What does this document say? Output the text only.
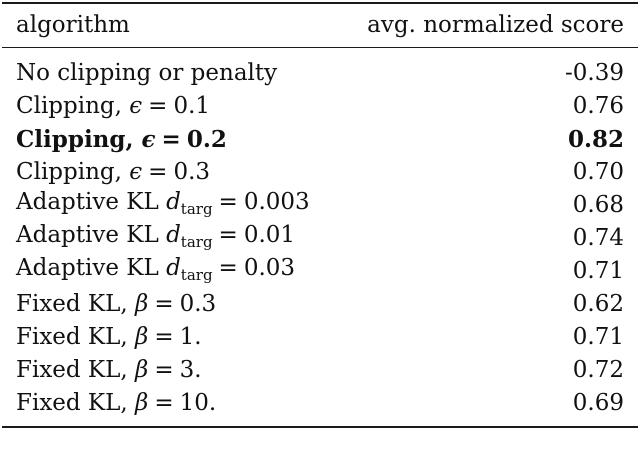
algorithm	avg. normalized score
No clipping or penalty	-0.39
Clipping, ϵ = 0.1	0.76
Clipping, ϵ = 0.2	0.82
Clipping, ϵ = 0.3	0.70
Adaptive KL $d_{targ} = 0.003$	0.68
Adaptive KL $d_{targ} = 0.01$	0.74
Adaptive KL $d_{targ} = 0.03$	0.71
Fixed KL, β = 0.3	0.62
Fixed KL, β = 1.	0.71
Fixed KL, β = 3.	0.72
Fixed KL, β = 10.	0.69
